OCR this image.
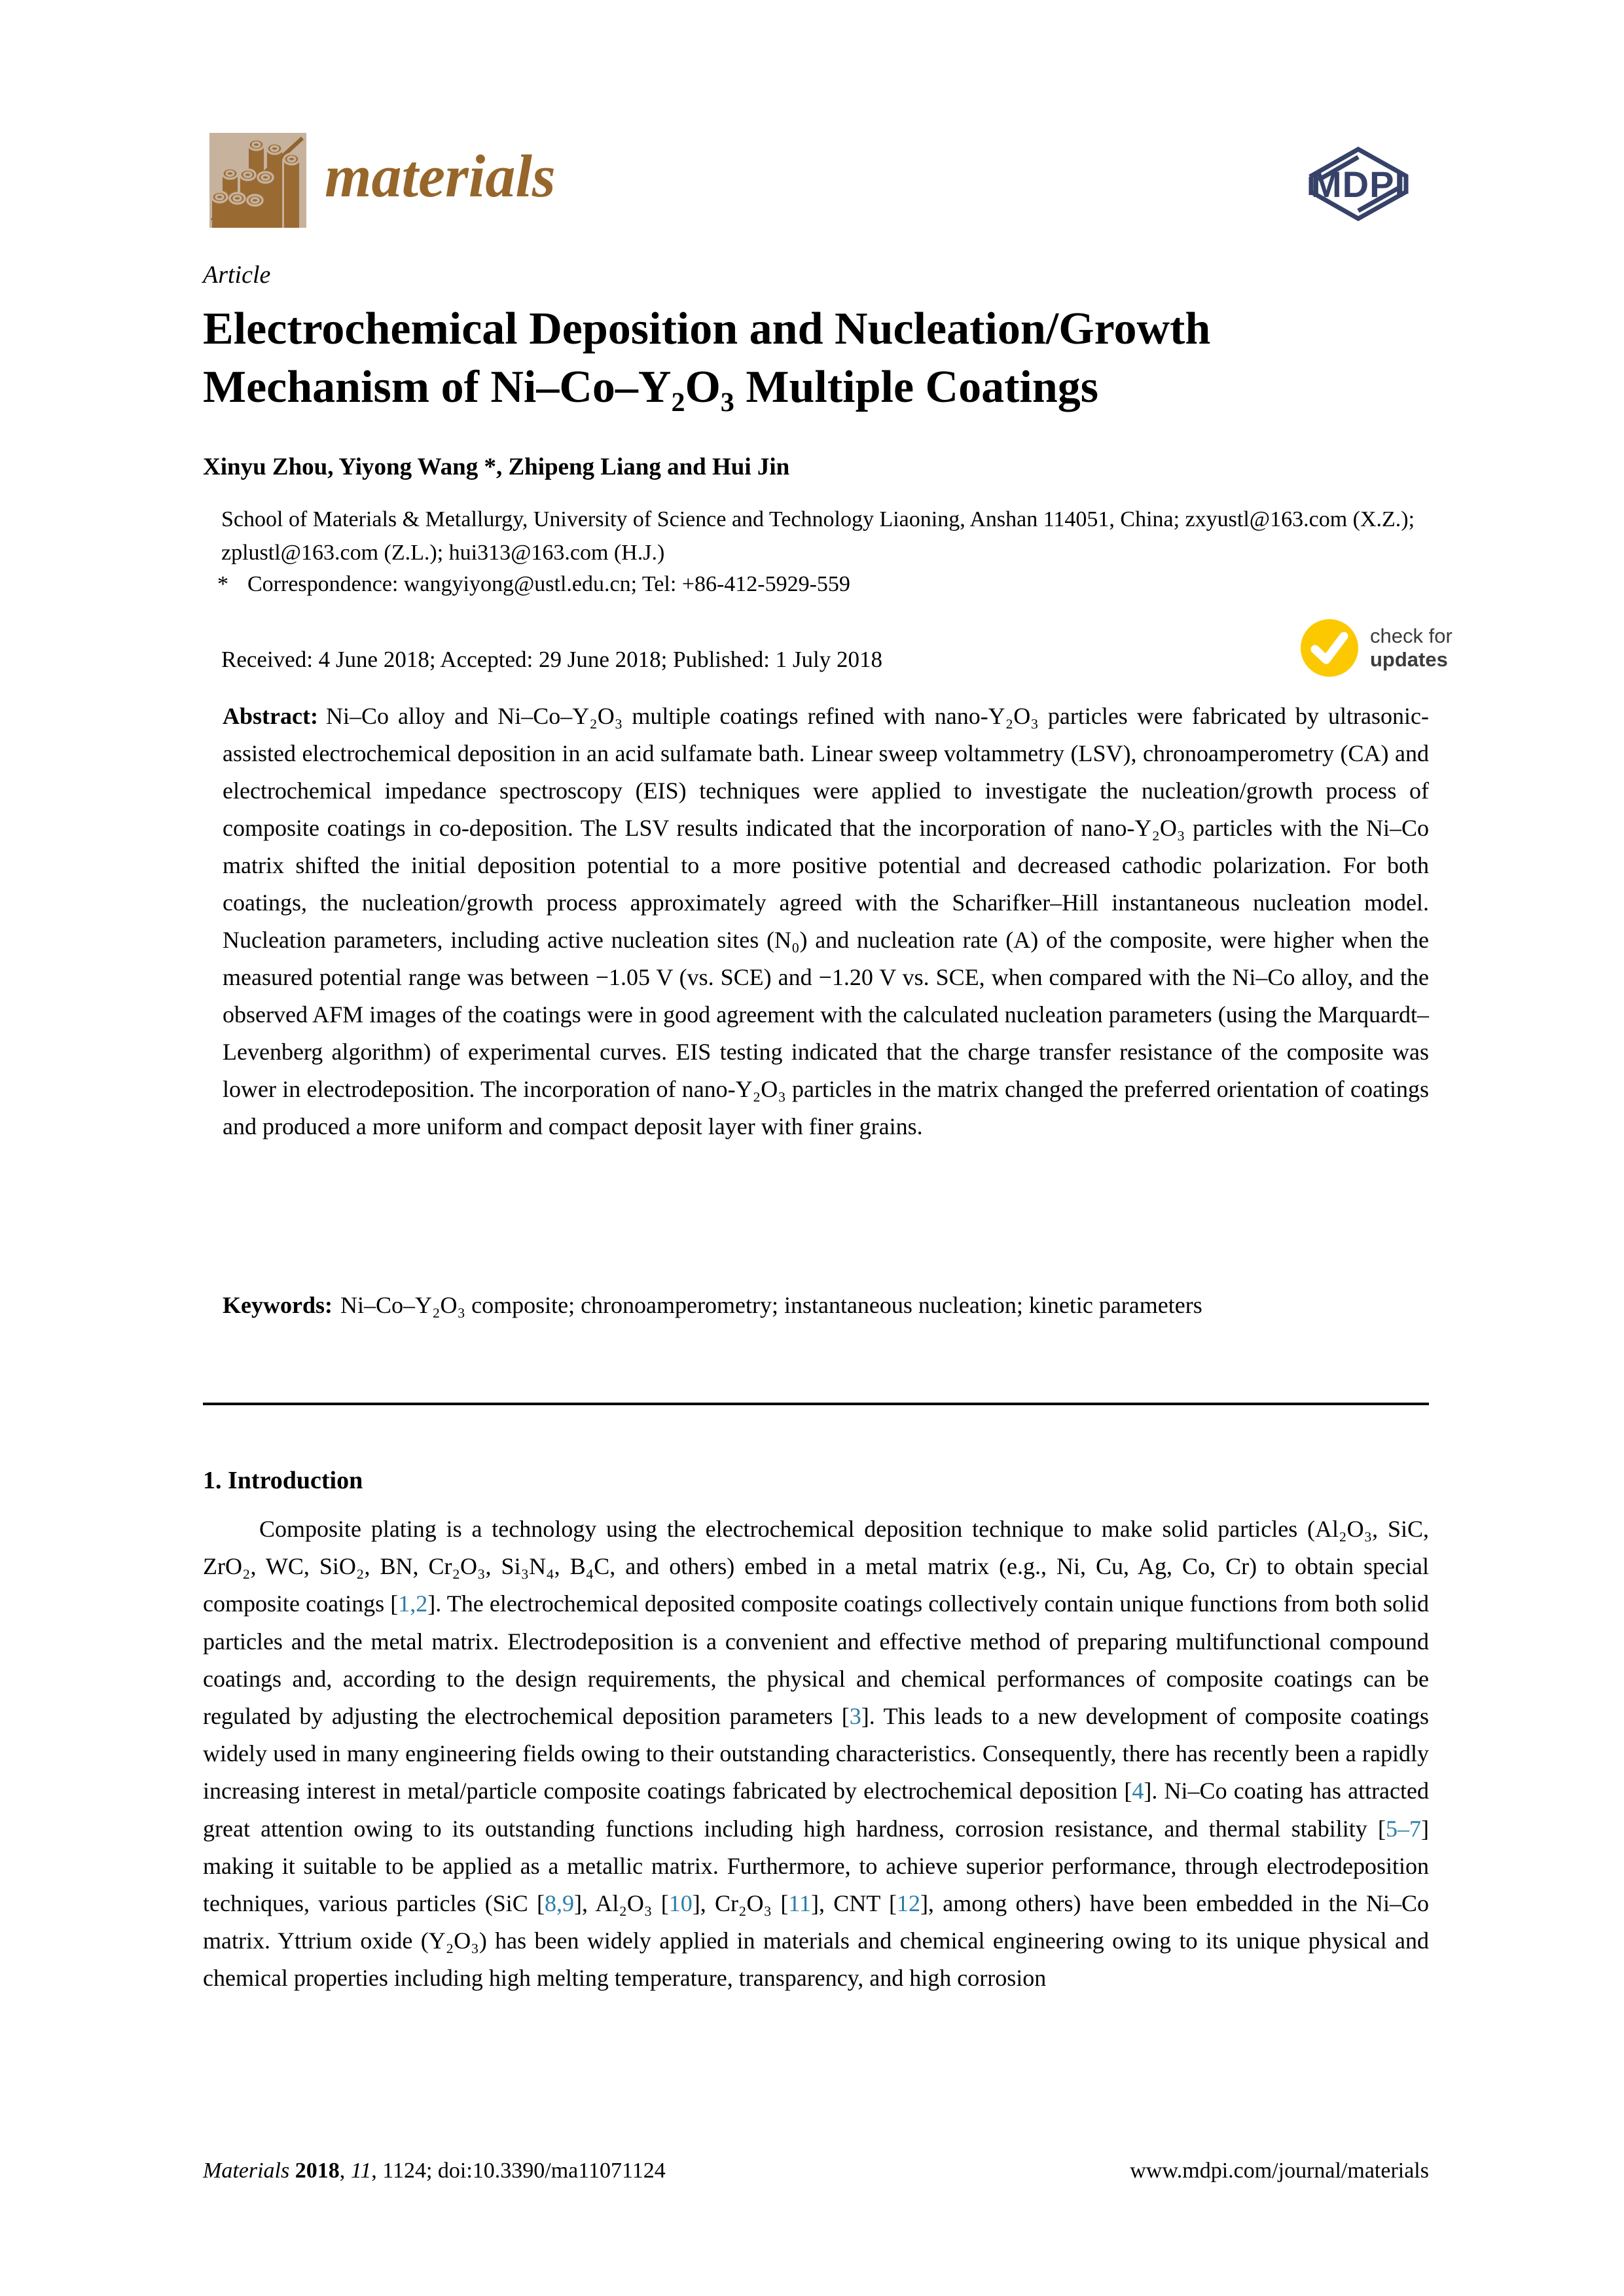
materials	MDPI
Article
Electrochemical Deposition and Nucleation/Growth
Mechanism of Ni–Co–Y₂O₃ Multiple Coatings
Xinyu Zhou, Yiyong Wang *, Zhipeng Liang and Hui Jin
School of Materials & Metallurgy, University of Science and Technology Liaoning, Anshan 114051, China; zxyustl@163.com (X.Z.); zplustl@163.com (Z.L.); hui313@163.com (H.J.)
* Correspondence: wangyiyong@ustl.edu.cn; Tel: +86-412-5929-559
Received: 4 June 2018; Accepted: 29 June 2018; Published: 1 July 2018
check for
updates
Abstract: Ni–Co alloy and Ni–Co–Y₂O₃ multiple coatings refined with nano-Y₂O₃ particles were fabricated by ultrasonic-assisted electrochemical deposition in an acid sulfamate bath. Linear sweep voltammetry (LSV), chronoamperometry (CA) and electrochemical impedance spectroscopy (EIS) techniques were applied to investigate the nucleation/growth process of composite coatings in co-deposition. The LSV results indicated that the incorporation of nano-Y₂O₃ particles with the Ni–Co matrix shifted the initial deposition potential to a more positive potential and decreased cathodic polarization. For both coatings, the nucleation/growth process approximately agreed with the Scharifker–Hill instantaneous nucleation model. Nucleation parameters, including active nucleation sites (N₀) and nucleation rate (A) of the composite, were higher when the measured potential range was between −1.05 V (vs. SCE) and −1.20 V vs. SCE, when compared with the Ni–Co alloy, and the observed AFM images of the coatings were in good agreement with the calculated nucleation parameters (using the Marquardt–Levenberg algorithm) of experimental curves. EIS testing indicated that the charge transfer resistance of the composite was lower in electrodeposition. The incorporation of nano-Y₂O₃ particles in the matrix changed the preferred orientation of coatings and produced a more uniform and compact deposit layer with finer grains.
Keywords: Ni–Co–Y₂O₃ composite; chronoamperometry; instantaneous nucleation; kinetic parameters
1. Introduction
Composite plating is a technology using the electrochemical deposition technique to make solid particles (Al₂O₃, SiC, ZrO₂, WC, SiO₂, BN, Cr₂O₃, Si₃N₄, B₄C, and others) embed in a metal matrix (e.g., Ni, Cu, Ag, Co, Cr) to obtain special composite coatings [1,2]. The electrochemical deposited composite coatings collectively contain unique functions from both solid particles and the metal matrix. Electrodeposition is a convenient and effective method of preparing multifunctional compound coatings and, according to the design requirements, the physical and chemical performances of composite coatings can be regulated by adjusting the electrochemical deposition parameters [3]. This leads to a new development of composite coatings widely used in many engineering fields owing to their outstanding characteristics. Consequently, there has recently been a rapidly increasing interest in metal/particle composite coatings fabricated by electrochemical deposition [4]. Ni–Co coating has attracted great attention owing to its outstanding functions including high hardness, corrosion resistance, and thermal stability [5–7] making it suitable to be applied as a metallic matrix. Furthermore, to achieve superior performance, through electrodeposition techniques, various particles (SiC [8,9], Al₂O₃ [10], Cr₂O₃ [11], CNT [12], among others) have been embedded in the Ni–Co matrix. Yttrium oxide (Y₂O₃) has been widely applied in materials and chemical engineering owing to its unique physical and chemical properties including high melting temperature, transparency, and high corrosion
Materials 2018, 11, 1124; doi:10.3390/ma11071124	www.mdpi.com/journal/materials
